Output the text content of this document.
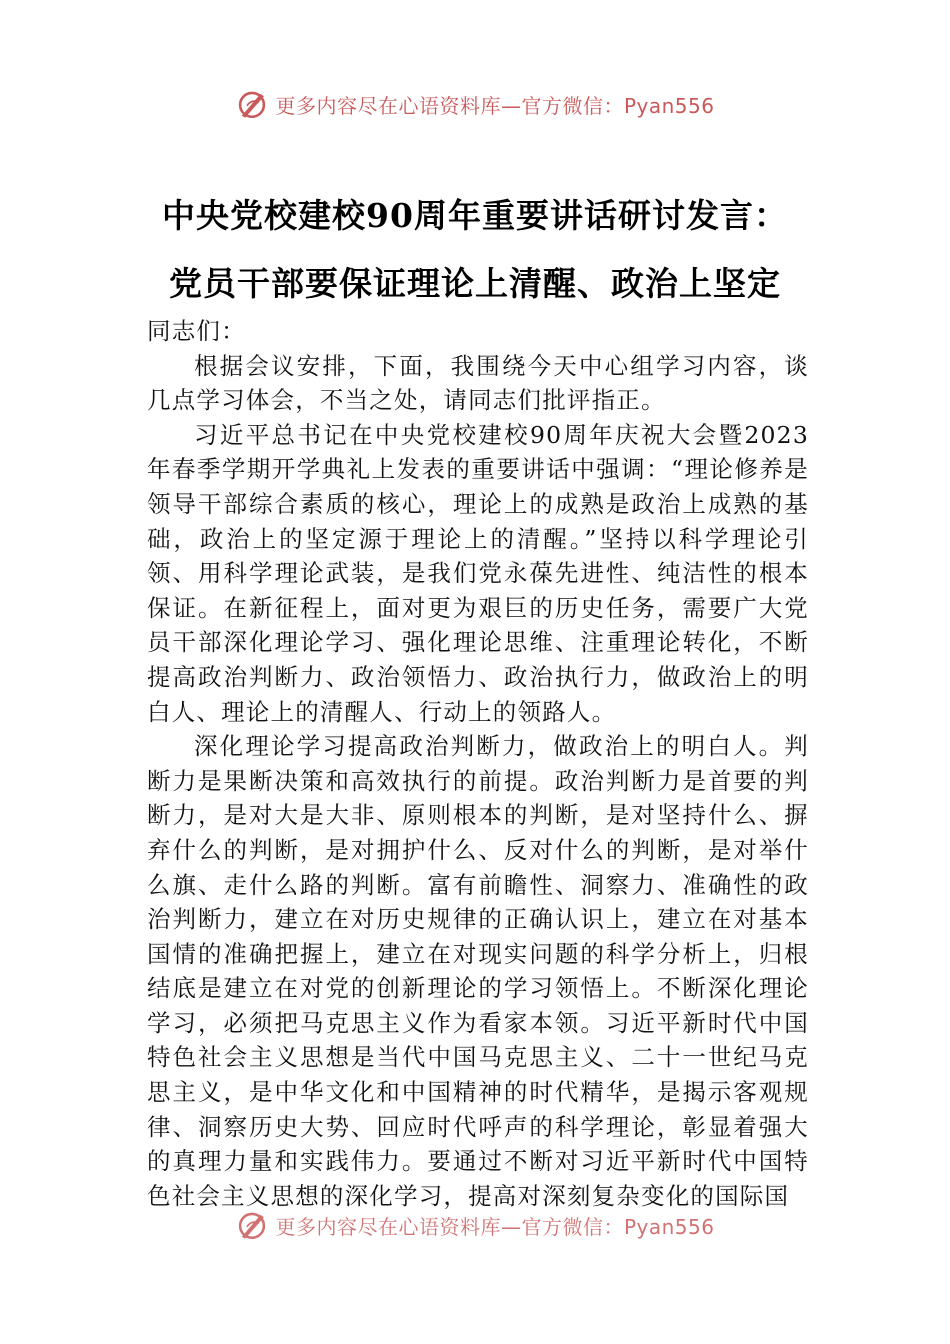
更多内容尽在心语资料库—官方微信：Pyan556
中央党校建校90周年重要讲话研讨发言：
党员干部要保证理论上清醒、政治上坚定

同志们：

根据会议安排，下面，我围绕今天中心组学习内容，谈几点学习体会，不当之处，请同志们批评指正。

习近平总书记在中央党校建校90周年庆祝大会暨2023年春季学期开学典礼上发表的重要讲话中强调：“理论修养是领导干部综合素质的核心，理论上的成熟是政治上成熟的基础，政治上的坚定源于理论上的清醒。”坚持以科学理论引领、用科学理论武装，是我们党永葆先进性、纯洁性的根本保证。在新征程上，面对更为艰巨的历史任务，需要广大党员干部深化理论学习、强化理论思维、注重理论转化，不断提高政治判断力、政治领悟力、政治执行力，做政治上的明白人、理论上的清醒人、行动上的领路人。

深化理论学习提高政治判断力，做政治上的明白人。判断力是果断决策和高效执行的前提。政治判断力是首要的判断力，是对大是大非、原则根本的判断，是对坚持什么、摒弃什么的判断，是对拥护什么、反对什么的判断，是对举什么旗、走什么路的判断。富有前瞻性、洞察力、准确性的政治判断力，建立在对历史规律的正确认识上，建立在对基本国情的准确把握上，建立在对现实问题的科学分析上，归根结底是建立在对党的创新理论的学习领悟上。不断深化理论学习，必须把马克思主义作为看家本领。习近平新时代中国特色社会主义思想是当代中国马克思主义、二十一世纪马克思主义，是中华文化和中国精神的时代精华，是揭示客观规律、洞察历史大势、回应时代呼声的科学理论，彰显着强大的真理力量和实践伟力。要通过不断对习近平新时代中国特色社会主义思想的深化学习，提高对深刻复杂变化的国际国

更多内容尽在心语资料库—官方微信：Pyan556
